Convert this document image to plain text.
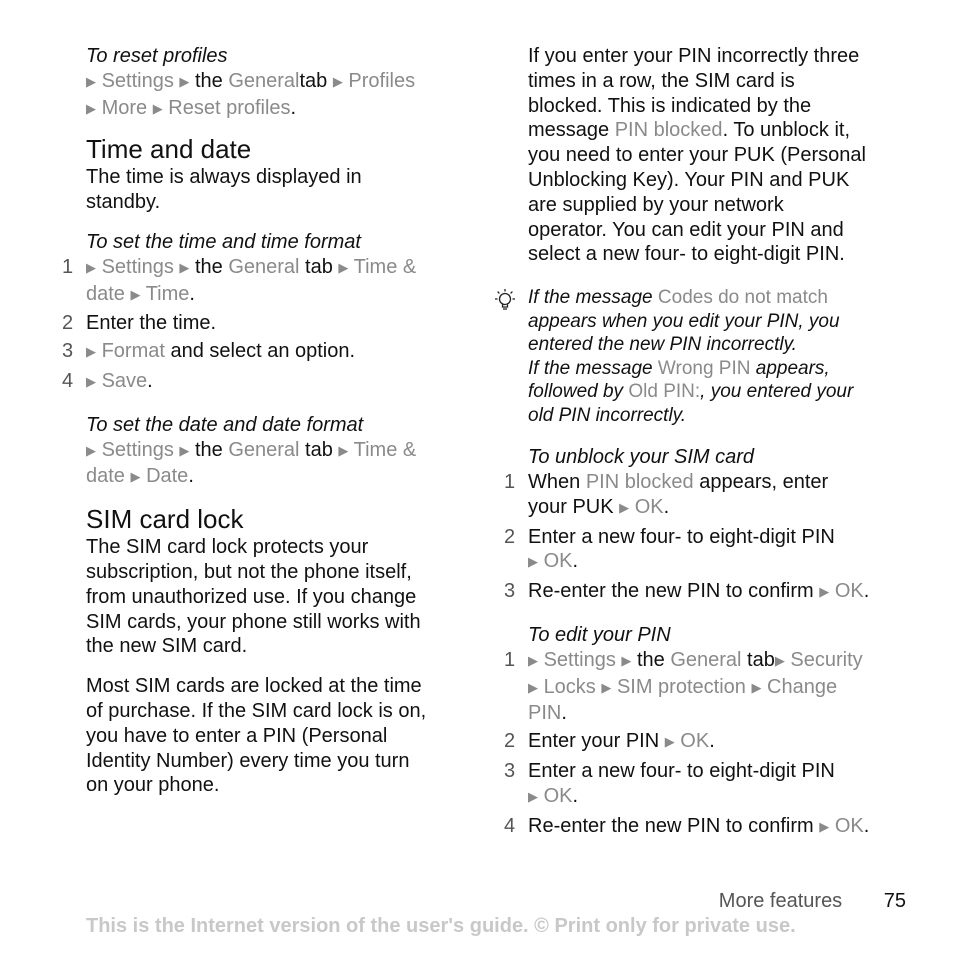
To reset profiles

▶ Settings ▶ the Generaltab ▶ Profiles
▶ More ▶ Reset profiles.

Time and date

The time is always displayed in
standby.

To set the time and time format

1 ▶ Settings ▶ the General tab ▶ Time &
date ▶ Time.
2 Enter the time.
3 ▶ Format and select an option.
4 ▶ Save.

To set the date and date format

▶ Settings ▶ the General tab ▶ Time &
date ▶ Date.

SIM card lock

The SIM card lock protects your
subscription, but not the phone itself,
from unauthorized use. If you change
SIM cards, your phone still works with
the new SIM card.

Most SIM cards are locked at the time
of purchase. If the SIM card lock is on,
you have to enter a PIN (Personal
Identity Number) every time you turn
on your phone.

If you enter your PIN incorrectly three
times in a row, the SIM card is
blocked. This is indicated by the
message PIN blocked. To unblock it,
you need to enter your PUK (Personal
Unblocking Key). Your PIN and PUK
are supplied by your network
operator. You can edit your PIN and
select a new four- to eight-digit PIN.

If the message Codes do not match
appears when you edit your PIN, you
entered the new PIN incorrectly.
If the message Wrong PIN appears,
followed by Old PIN:, you entered your
old PIN incorrectly.

To unblock your SIM card

1 When PIN blocked appears, enter
your PUK ▶ OK.
2 Enter a new four- to eight-digit PIN
▶ OK.
3 Re-enter the new PIN to confirm ▶ OK.

To edit your PIN

1 ▶ Settings ▶ the General tab▶ Security
▶ Locks ▶ SIM protection ▶ Change
PIN.
2 Enter your PIN ▶ OK.
3 Enter a new four- to eight-digit PIN
▶ OK.
4 Re-enter the new PIN to confirm ▶ OK.
More features 75
This is the Internet version of the user's guide. © Print only for private use.
